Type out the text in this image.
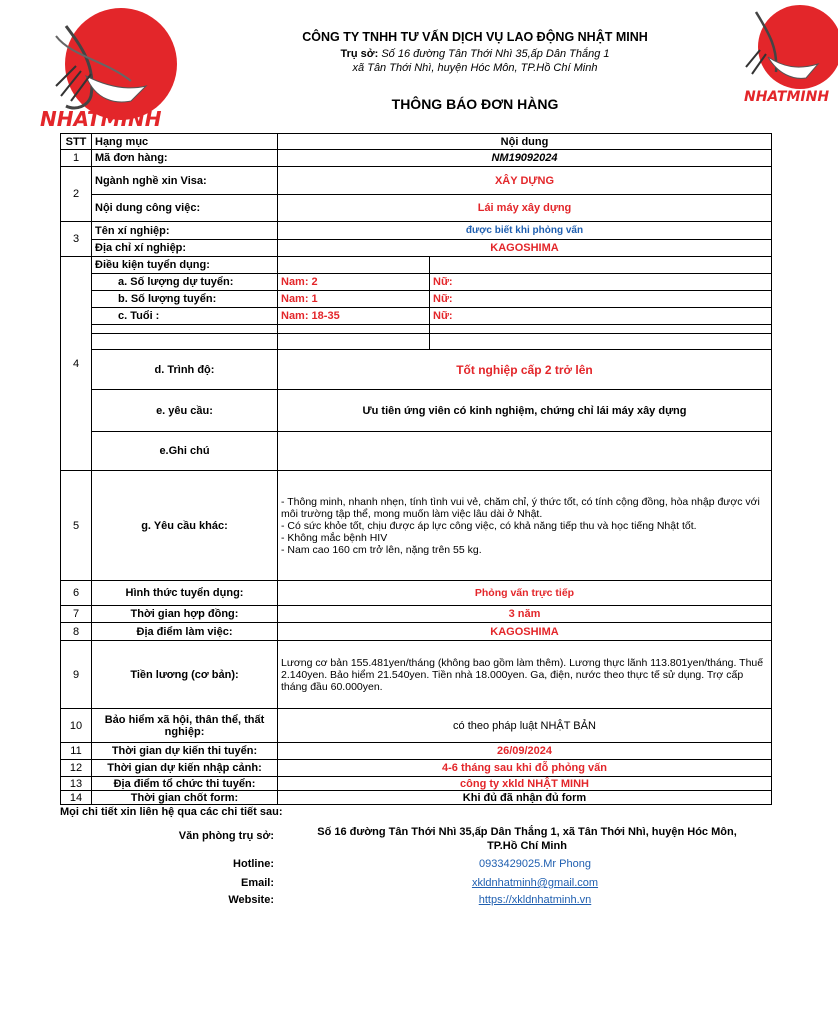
NHATMINH
NHATMINH
CÔNG TY TNHH TƯ VẤN DỊCH VỤ LAO ĐỘNG NHẬT MINH
Trụ sở: Số 16 đường Tân Thới Nhì 35,ấp Dân Thắng 1
xã Tân Thới Nhì, huyện Hóc Môn, TP.Hồ Chí Minh
THÔNG BÁO ĐƠN HÀNG
STT	Hạng mục	Nội dung	
1	Mã đơn hàng:	NM19092024	
2	Ngành nghề xin Visa:	XÂY DỰNG	
	Nội dung công việc:	Lái máy xây dựng	
3	Tên xí nghiệp:	được biết khi phỏng vấn	
	Địa chỉ xí nghiệp:	KAGOSHIMA	
4	Điều kiện tuyển dụng:		
	a. Số lượng dự tuyển:	Nam: 2	Nữ:
	b. Số lượng tuyển:	Nam: 1	Nữ:
	c. Tuổi :	Nam: 18-35	Nữ:

	d. Trình độ:	Tốt nghiệp cấp 2 trở lên	
	e. yêu cầu:	Ưu tiên ứng viên có kinh nghiệm, chứng chỉ lái máy xây dựng	
	e.Ghi chú		
5	g. Yêu cầu khác:	- Thông minh, nhanh nhẹn, tính tình vui vẻ, chăm chỉ, ý thức tốt, có tính cộng đồng, hòa nhập được với môi trường tập thể, mong muốn làm việc lâu dài ở Nhật.
- Có sức khỏe tốt, chịu được áp lực công việc, có khả năng tiếp thu và học tiếng Nhật tốt.
- Không mắc bệnh HIV
- Nam cao 160 cm trở lên, nặng trên 55 kg.	

6	Hình thức tuyển dụng:	Phỏng vấn trực tiếp	
7	Thời gian hợp đồng:	3 năm	
8	Địa điểm làm việc:	KAGOSHIMA	
9	Tiền lương (cơ bản):	Lương cơ bản 155.481yen/tháng (không bao gồm làm thêm). Lương thực lãnh 113.801yen/tháng. Thuế 2.140yen. Bảo hiểm 21.540yen. Tiền nhà 18.000yen. Ga, điện, nước theo thực tế sử dụng. Trợ cấp tháng đầu 60.000yen.	
10	Bảo hiểm xã hội, thân thể, thất nghiệp:	có theo pháp luật NHẬT BẢN	
11	Thời gian dự kiến thi tuyển:	26/09/2024	
12	Thời gian dự kiến nhập cảnh:	4-6 tháng sau khi đỗ phỏng vấn	
13	Địa điểm tổ chức thi tuyển:	công ty xkld NHẬT MINH	
14	Thời gian chốt form:	Khi đủ đã nhận đủ form	
Mọi chi tiết xin liên hệ qua các chi tiết sau:
Văn phòng trụ sở:	Số 16 đường Tân Thới Nhì 35,ấp Dân Thắng 1, xã Tân Thới Nhì, huyện Hóc Môn,
TP.Hồ Chí Minh
Hotline:	0933429025.Mr Phong
Email:	xkldnhatminh@gmail.com
Website:	https://xkldnhatminh.vn
